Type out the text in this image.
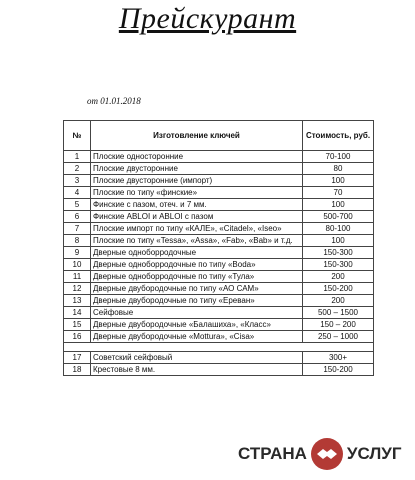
Прейскурант
от 01.01.2018
№	Изготовление ключей	Стоимость, руб.
1	Плоские односторонние	70-100
2	Плоские двусторонние	80
3	Плоские двусторонние (импорт)	100
4	Плоские по типу «финские»	70
5	Финские с пазом, отеч. и 7 мм.	100
6	Финские ABLOI и ABLOI с пазом	500-700
7	Плоские импорт по типу «КАЛЕ», «Citadel», «Iseo»	80-100
8	Плоские по типу «Tessa», «Assa», «Fab», «Bab» и т.д.	100
9	Дверные одноборродочные	150-300
10	Дверные одноборродочные по типу «Boda»	150-300
11	Дверные одноборродочные по типу «Тула»	200
12	Дверные двубородочные по типу «АО САМ»	150-200
13	Дверные двубородочные по типу «Ереван»	200
14	Сейфовые	500 – 1500
15	Дверные двубородочные «Балашиха», «Класс»	150 – 200
16	Дверные двубородочные «Mottura», «Cisa»	250 – 1000

17	Советский сейфовый	300+
18	Крестовые 8 мм.	150-200
СТРАНА УСЛУГ
